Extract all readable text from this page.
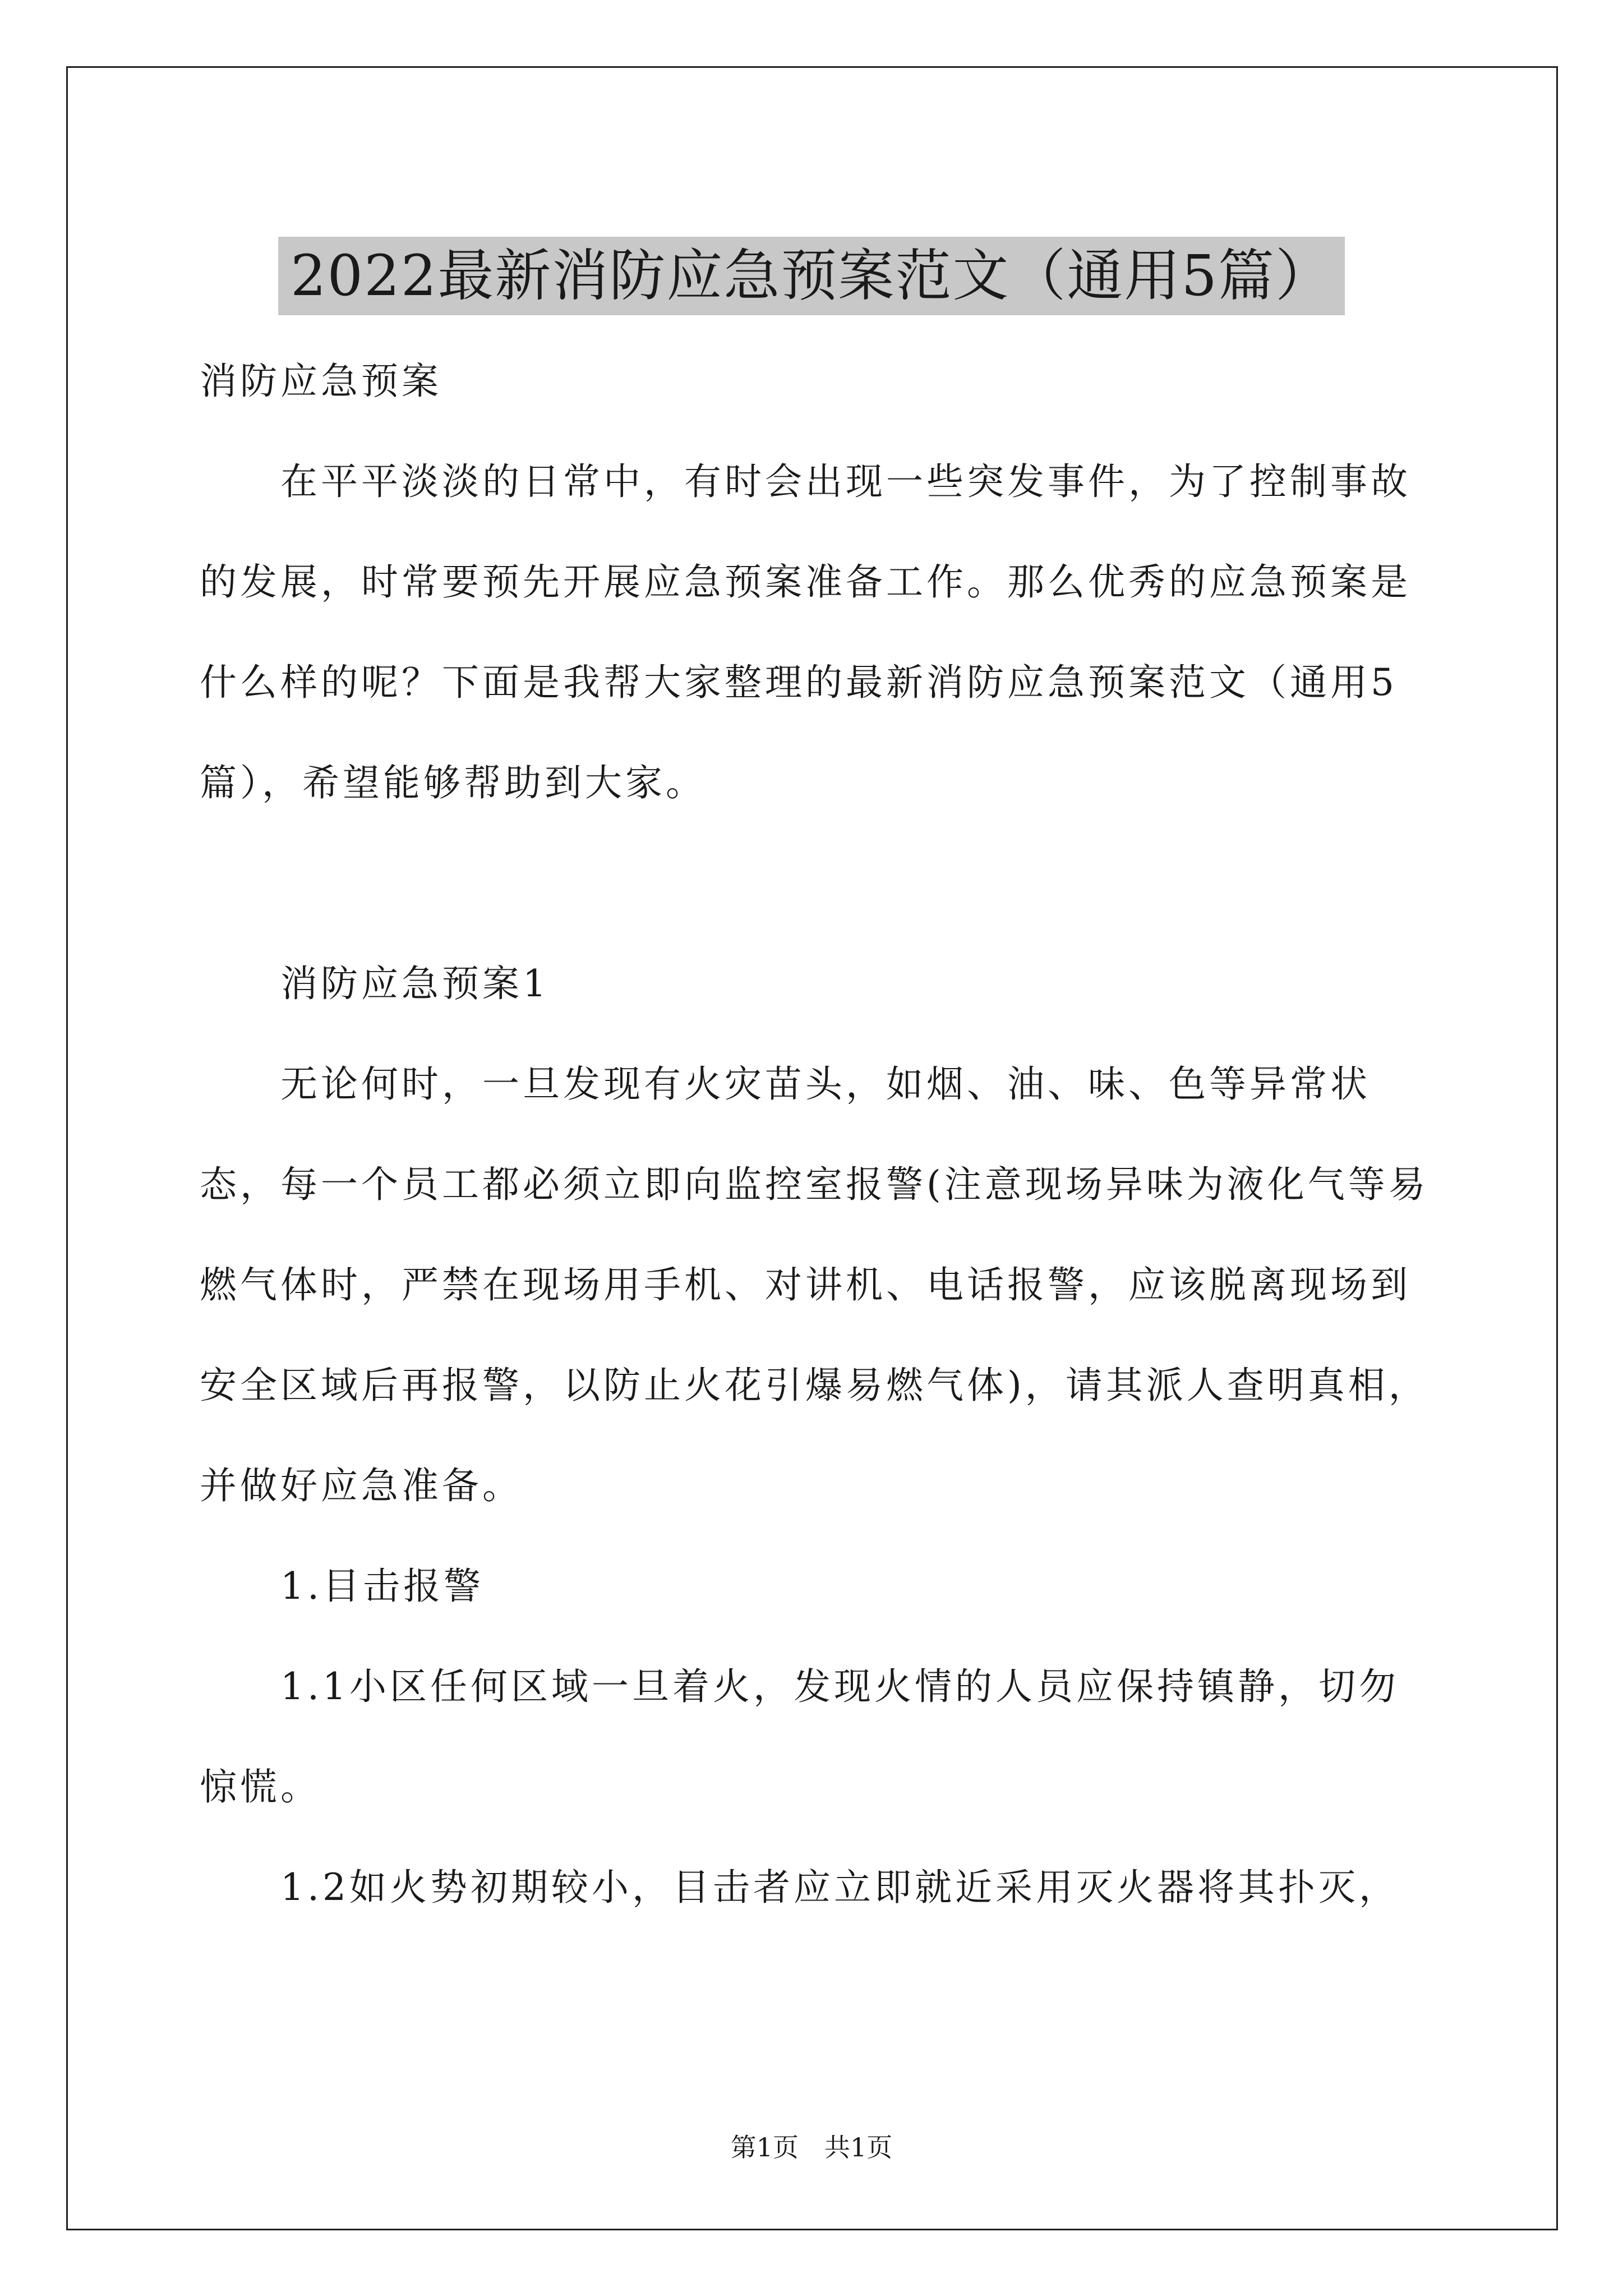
2022最新消防应急预案范文（通用5篇）

消防应急预案

在平平淡淡的日常中，有时会出现一些突发事件，为了控制事故的发展，时常要预先开展应急预案准备工作。那么优秀的应急预案是什么样的呢？下面是我帮大家整理的最新消防应急预案范文（通用5篇），希望能够帮助到大家。

消防应急预案1

无论何时，一旦发现有火灾苗头，如烟、油、味、色等异常状态，每一个员工都必须立即向监控室报警(注意现场异味为液化气等易燃气体时，严禁在现场用手机、对讲机、电话报警，应该脱离现场到安全区域后再报警，以防止火花引爆易燃气体)，请其派人查明真相，并做好应急准备。

1.目击报警

1.1小区任何区域一旦着火，发现火情的人员应保持镇静，切勿惊慌。

1.2如火势初期较小，目击者应立即就近采用灭火器将其扑灭，

第1页　共1页
